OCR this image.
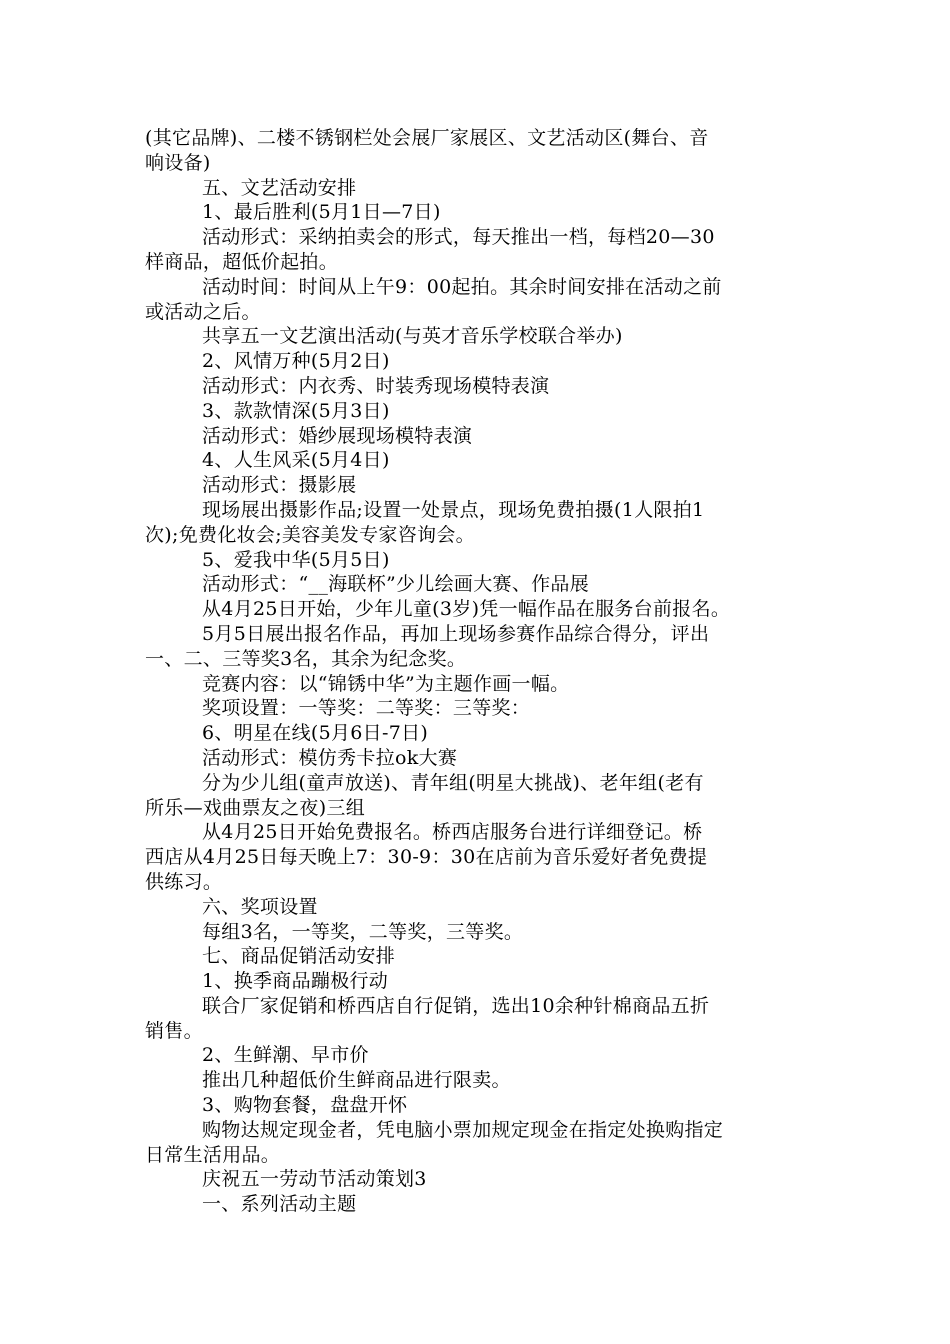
(其它品牌)、二楼不锈钢栏处会展厂家展区、文艺活动区(舞台、音
响设备)
五、文艺活动安排
1、最后胜利(5月1日—7日)
活动形式：采纳拍卖会的形式，每天推出一档，每档20—30
样商品，超低价起拍。
活动时间：时间从上午9：00起拍。其余时间安排在活动之前
或活动之后。
共享五一文艺演出活动(与英才音乐学校联合举办)
2、风情万种(5月2日)
活动形式：内衣秀、时装秀现场模特表演
3、款款情深(5月3日)
活动形式：婚纱展现场模特表演
4、人生风采(5月4日)
活动形式：摄影展
现场展出摄影作品;设置一处景点，现场免费拍摄(1人限拍1
次);免费化妆会;美容美发专家咨询会。
5、爱我中华(5月5日)
活动形式：“__海联杯”少儿绘画大赛、作品展
从4月25日开始，少年儿童(3岁)凭一幅作品在服务台前报名。
5月5日展出报名作品，再加上现场参赛作品综合得分，评出
一、二、三等奖3名，其余为纪念奖。
竞赛内容：以“锦锈中华”为主题作画一幅。
奖项设置：一等奖：二等奖：三等奖：
6、明星在线(5月6日-7日)
活动形式：模仿秀卡拉ok大赛
分为少儿组(童声放送)、青年组(明星大挑战)、老年组(老有
所乐—戏曲票友之夜)三组
从4月25日开始免费报名。桥西店服务台进行详细登记。桥
西店从4月25日每天晚上7：30-9：30在店前为音乐爱好者免费提
供练习。
六、奖项设置
每组3名，一等奖，二等奖，三等奖。
七、商品促销活动安排
1、换季商品蹦极行动
联合厂家促销和桥西店自行促销，选出10余种针棉商品五折
销售。
2、生鲜潮、早市价
推出几种超低价生鲜商品进行限卖。
3、购物套餐，盘盘开怀
购物达规定现金者，凭电脑小票加规定现金在指定处换购指定
日常生活用品。
庆祝五一劳动节活动策划3
一、系列活动主题
